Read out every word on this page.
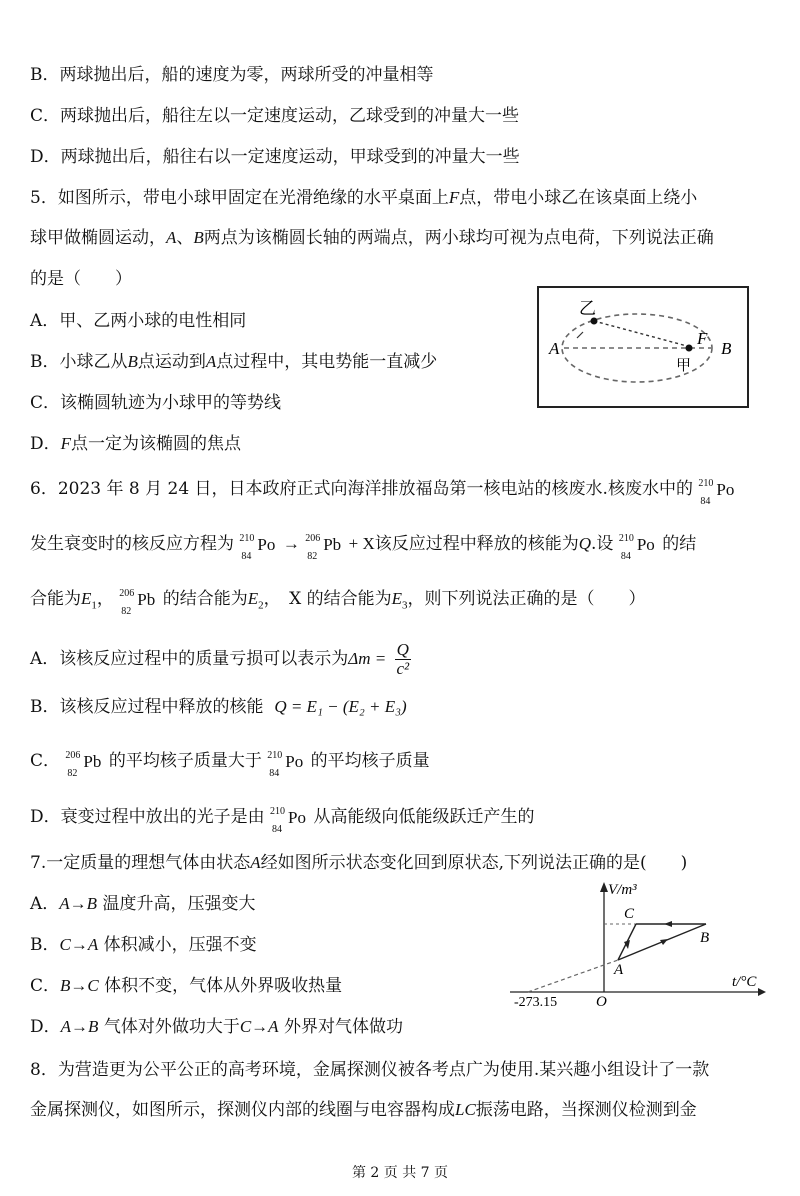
B．两球抛出后，船的速度为零，两球所受的冲量相等
C．两球抛出后，船往左以一定速度运动，乙球受到的冲量大一些
D．两球抛出后，船往右以一定速度运动，甲球受到的冲量大一些
5．如图所示，带电小球甲固定在光滑绝缘的水平桌面上F点，带电小球乙在该桌面上绕小
球甲做椭圆运动，A、B两点为该椭圆长轴的两端点，两小球均可视为点电荷，下列说法正确
的是（　　）
A．甲、乙两小球的电性相同
B．小球乙从B点运动到A点过程中，其电势能一直减少
C．该椭圆轨迹为小球甲的等势线
D．F点一定为该椭圆的焦点
乙
甲
A	B
F
6．2023 年 8 月 24 日，日本政府正式向海洋排放福岛第一核电站的核废水.核废水中的 210
84
Po
发生衰变时的核反应方程为 210
84
Po → 206
82
Pb + X该反应过程中释放的核能为Q.设 210
84
Po 的结
合能为$E_1$， 206
82
Pb 的结合能为$E_2$，　X 的结合能为$E_3$，则下列说法正确的是（　　）
A．该核反应过程中的质量亏损可以表示为$\Delta m = \frac{Q}{\text{c²}}$
B．该核反应过程中释放的核能 Q = E₁ − (E₂ + E₃)
C． 206
82
Pb 的平均核子质量大于 210
84
Po 的平均核子质量
D．衰变过程中放出的光子是由 210
84
Po 从高能级向低能级跃迁产生的
7.一定质量的理想气体由状态A经如图所示状态变化回到原状态,下列说法正确的是(　　)
A．A→B 温度升高，压强变大
B．C→A 体积减小，压强不变
C．B→C 体积不变，气体从外界吸收热量
D．A→B 气体对外做功大于C→A 外界对气体做功
V/m³
t/°C
O
-273.15
A
B
C
8．为营造更为公平公正的高考环境，金属探测仪被各考点广为使用.某兴趣小组设计了一款
金属探测仪，如图所示，探测仪内部的线圈与电容器构成LC振荡电路，当探测仪检测到金
第 2 页 共 7 页
